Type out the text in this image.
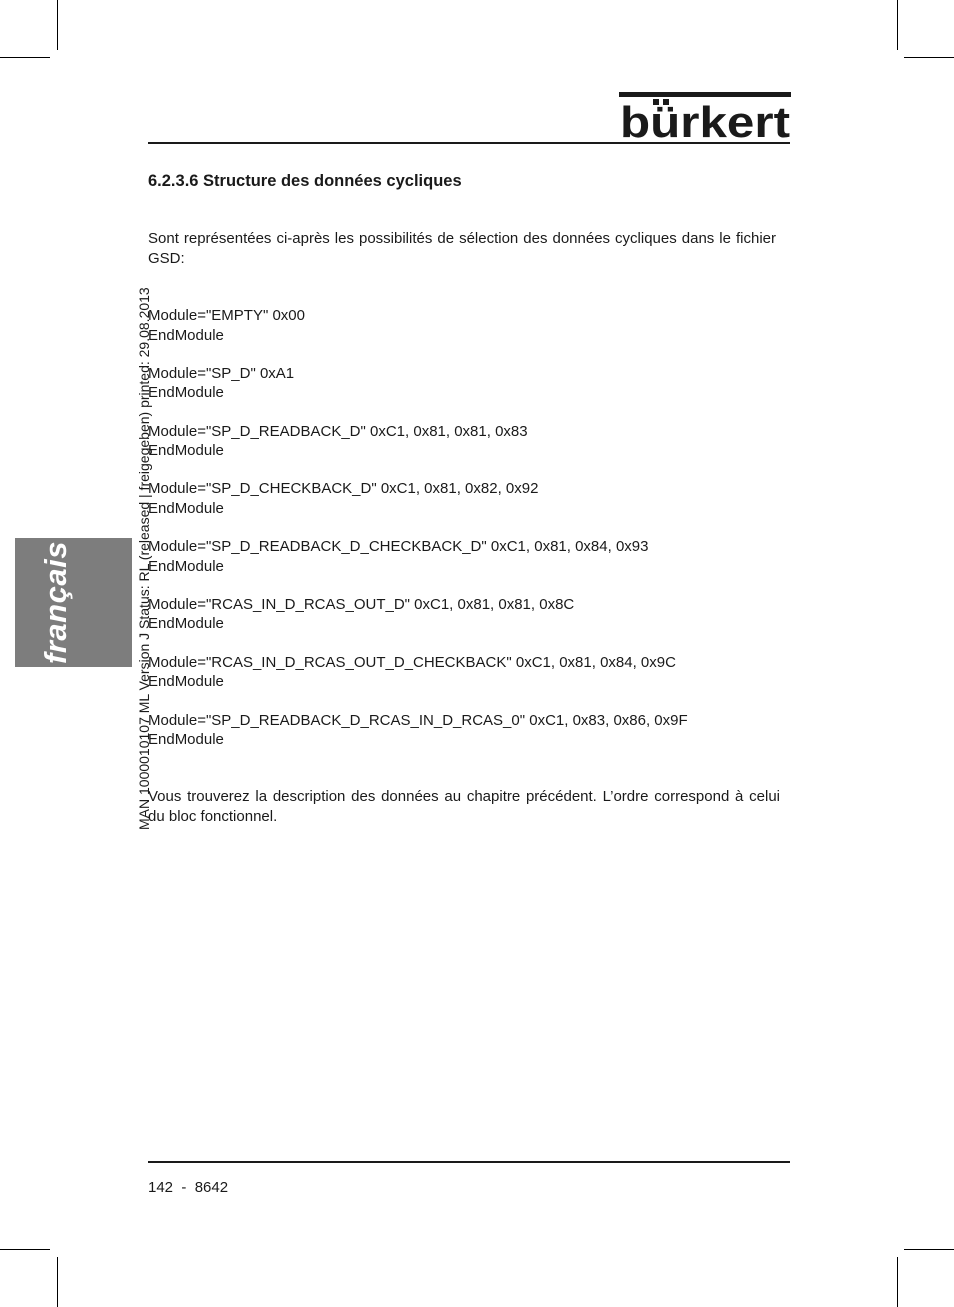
bürkert
6.2.3.6 Structure des données cycliques

Sont représentées ci-après les possibilités de sélection des données cycliques dans le fichier GSD:

Module="EMPTY" 0x00
EndModule
Module="SP_D" 0xA1
EndModule
Module="SP_D_READBACK_D" 0xC1, 0x81, 0x81, 0x83
EndModule
Module="SP_D_CHECKBACK_D" 0xC1, 0x81, 0x82, 0x92
EndModule
Module="SP_D_READBACK_D_CHECKBACK_D" 0xC1, 0x81, 0x84, 0x93
EndModule
Module="RCAS_IN_D_RCAS_OUT_D" 0xC1, 0x81, 0x81, 0x8C
EndModule
Module="RCAS_IN_D_RCAS_OUT_D_CHECKBACK" 0xC1, 0x81, 0x84, 0x9C
EndModule
Module="SP_D_READBACK_D_RCAS_IN_D_RCAS_0" 0xC1, 0x83, 0x86, 0x9F
EndModule

Vous trouverez la description des données au chapitre précédent. L’ordre correspond à celui du bloc fonctionnel.

français	MAN 1000010107 ML Version J Status: RL (released | freigegeben) printed: 29.08.2013
142  -  8642
